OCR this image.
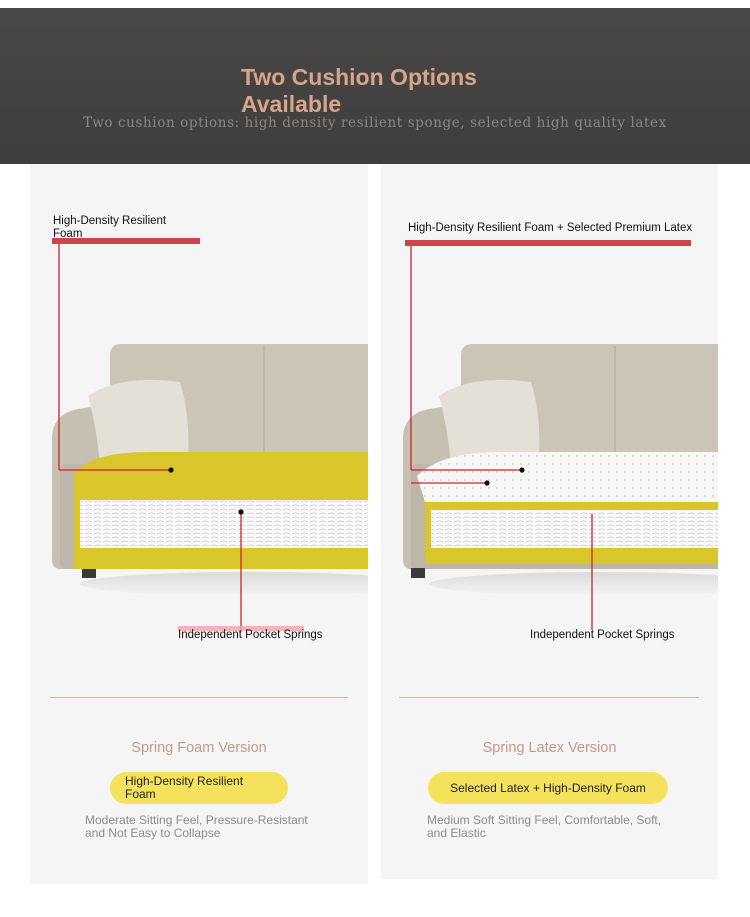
Two Cushion Options Available
Two cushion options: high density resilient sponge, selected high quality latex
High-Density Resilient Foam
Independent Pocket Springs
Spring Foam Version
High-Density Resilient Foam
Moderate Sitting Feel, Pressure-Resistant and Not Easy to Collapse
High-Density Resilient Foam + Selected Premium Latex
Independent Pocket Springs
Spring Latex Version
Selected Latex + High-Density Foam
Medium Soft Sitting Feel, Comfortable, Soft, and Elastic
